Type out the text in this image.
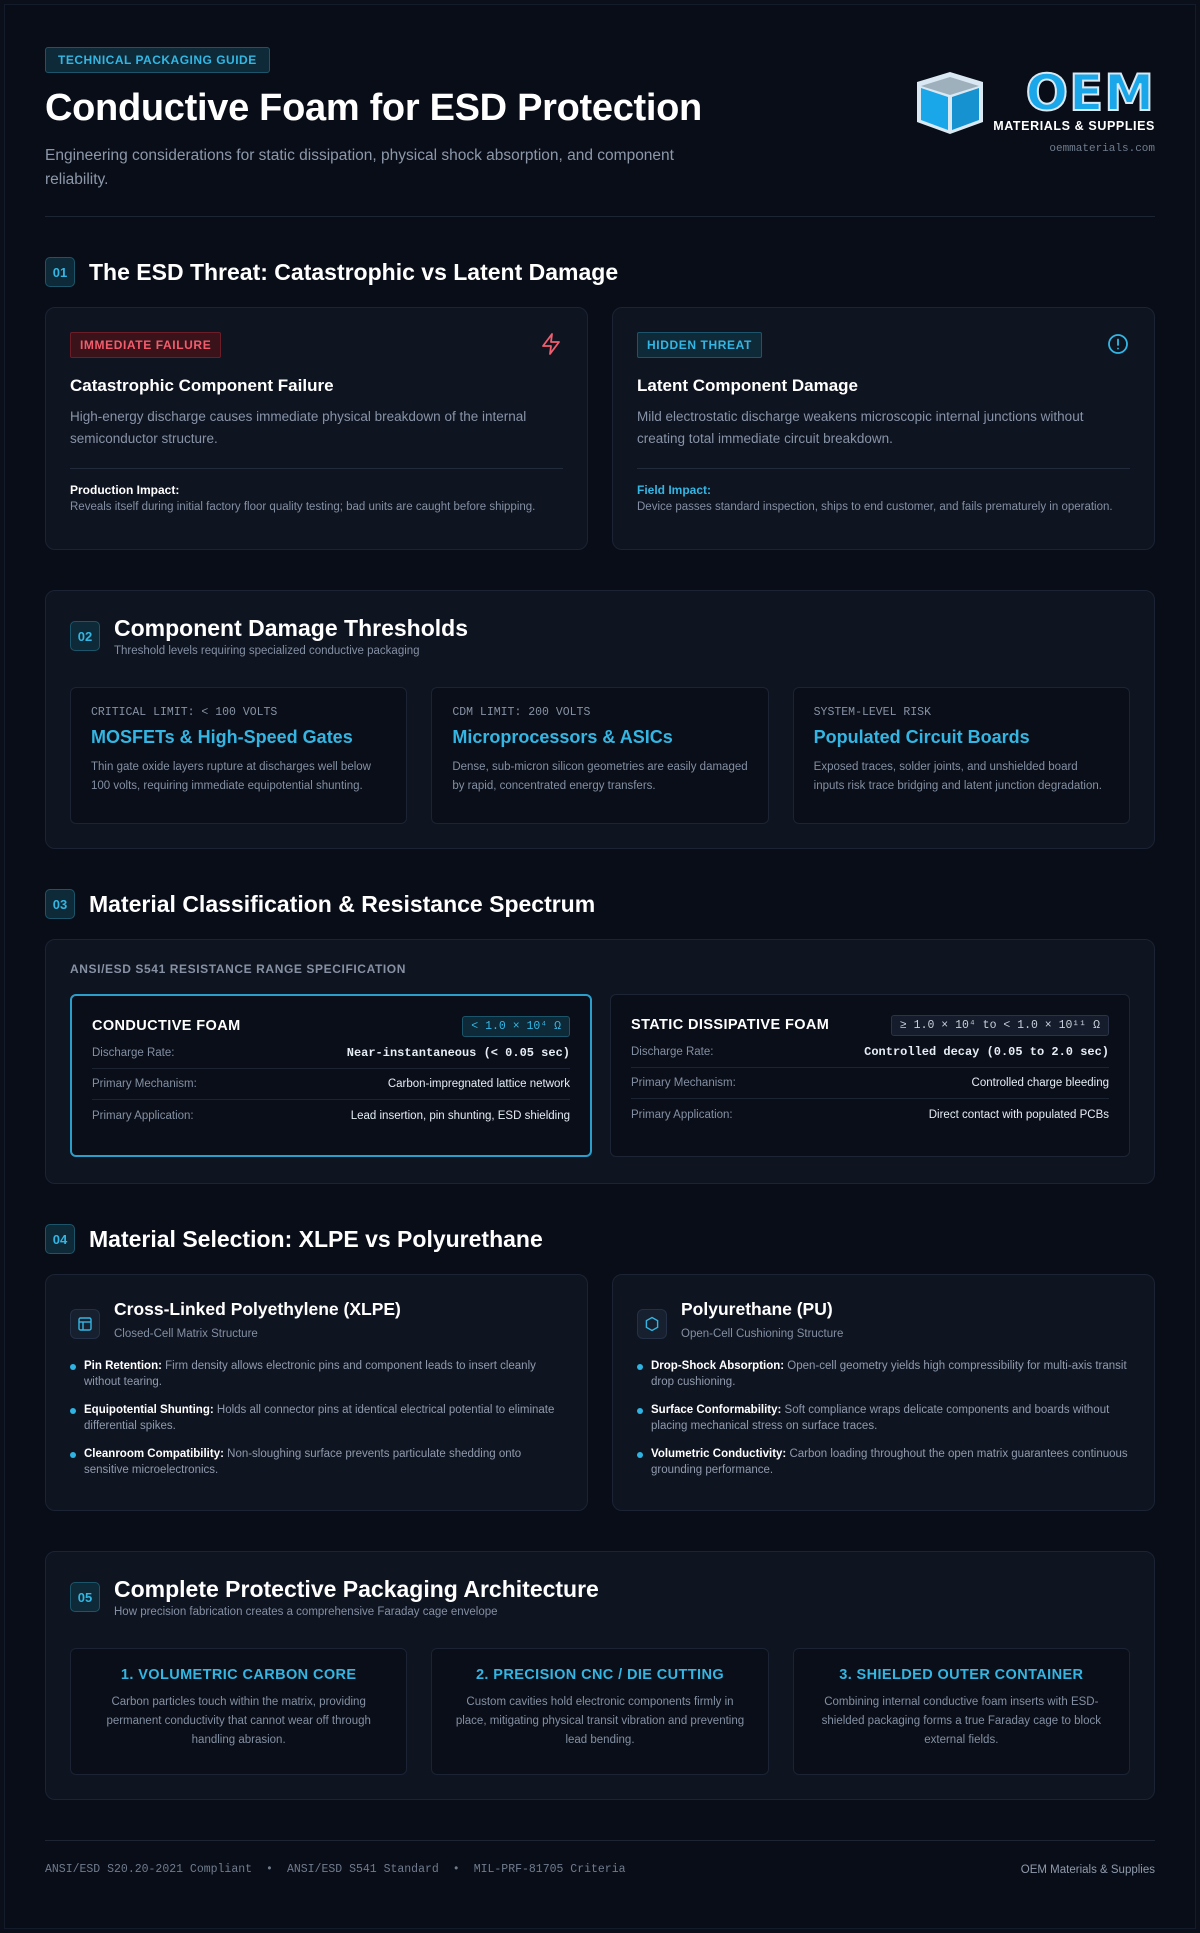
TECHNICAL PACKAGING GUIDE
Conductive Foam for ESD Protection

Engineering considerations for static dissipation, physical shock absorption, and component reliability.

OEM
MATERIALS & SUPPLIES
oemmaterials.com
01 The ESD Threat: Catastrophic vs Latent Damage
IMMEDIATE FAILURE
Catastrophic Component Failure

High-energy discharge causes immediate physical breakdown of the internal semiconductor structure.

Production Impact:
Reveals itself during initial factory floor quality testing; bad units are caught before shipping.
HIDDEN THREAT
Latent Component Damage

Mild electrostatic discharge weakens microscopic internal junctions without creating total immediate circuit breakdown.

Field Impact:
Device passes standard inspection, ships to end customer, and fails prematurely in operation.
02 Component Damage Thresholds
Threshold levels requiring specialized conductive packaging
CRITICAL LIMIT: < 100 VOLTS
MOSFETs & High-Speed Gates
Thin gate oxide layers rupture at discharges well below 100 volts, requiring immediate equipotential shunting.
CDM LIMIT: 200 VOLTS
Microprocessors & ASICs
Dense, sub-micron silicon geometries are easily damaged by rapid, concentrated energy transfers.
SYSTEM-LEVEL RISK
Populated Circuit Boards
Exposed traces, solder joints, and unshielded board inputs risk trace bridging and latent junction degradation.
03 Material Classification & Resistance Spectrum
ANSI/ESD S541 RESISTANCE RANGE SPECIFICATION
CONDUCTIVE FOAM	< 1.0 × 10⁴ Ω
Discharge Rate:	Near-instantaneous (< 0.05 sec)
Primary Mechanism:	Carbon-impregnated lattice network
Primary Application:	Lead insertion, pin shunting, ESD shielding
STATIC DISSIPATIVE FOAM	≥ 1.0 × 10⁴ to < 1.0 × 10¹¹ Ω
Discharge Rate:	Controlled decay (0.05 to 2.0 sec)
Primary Mechanism:	Controlled charge bleeding
Primary Application:	Direct contact with populated PCBs
04 Material Selection: XLPE vs Polyurethane
Cross-Linked Polyethylene (XLPE)
Closed-Cell Matrix Structure
Pin Retention: Firm density allows electronic pins and component leads to insert cleanly without tearing.
Equipotential Shunting: Holds all connector pins at identical electrical potential to eliminate differential spikes.
Cleanroom Compatibility: Non-sloughing surface prevents particulate shedding onto sensitive microelectronics.
Polyurethane (PU)
Open-Cell Cushioning Structure
Drop-Shock Absorption: Open-cell geometry yields high compressibility for multi-axis transit drop cushioning.
Surface Conformability: Soft compliance wraps delicate components and boards without placing mechanical stress on surface traces.
Volumetric Conductivity: Carbon loading throughout the open matrix guarantees continuous grounding performance.
05 Complete Protective Packaging Architecture
How precision fabrication creates a comprehensive Faraday cage envelope
1. VOLUMETRIC CARBON CORE
Carbon particles touch within the matrix, providing permanent conductivity that cannot wear off through handling abrasion.
2. PRECISION CNC / DIE CUTTING
Custom cavities hold electronic components firmly in place, mitigating physical transit vibration and preventing lead bending.
3. SHIELDED OUTER CONTAINER
Combining internal conductive foam inserts with ESD-shielded packaging forms a true Faraday cage to block external fields.
ANSI/ESD S20.20-2021 Compliant • ANSI/ESD S541 Standard • MIL-PRF-81705 Criteria	OEM Materials & Supplies
